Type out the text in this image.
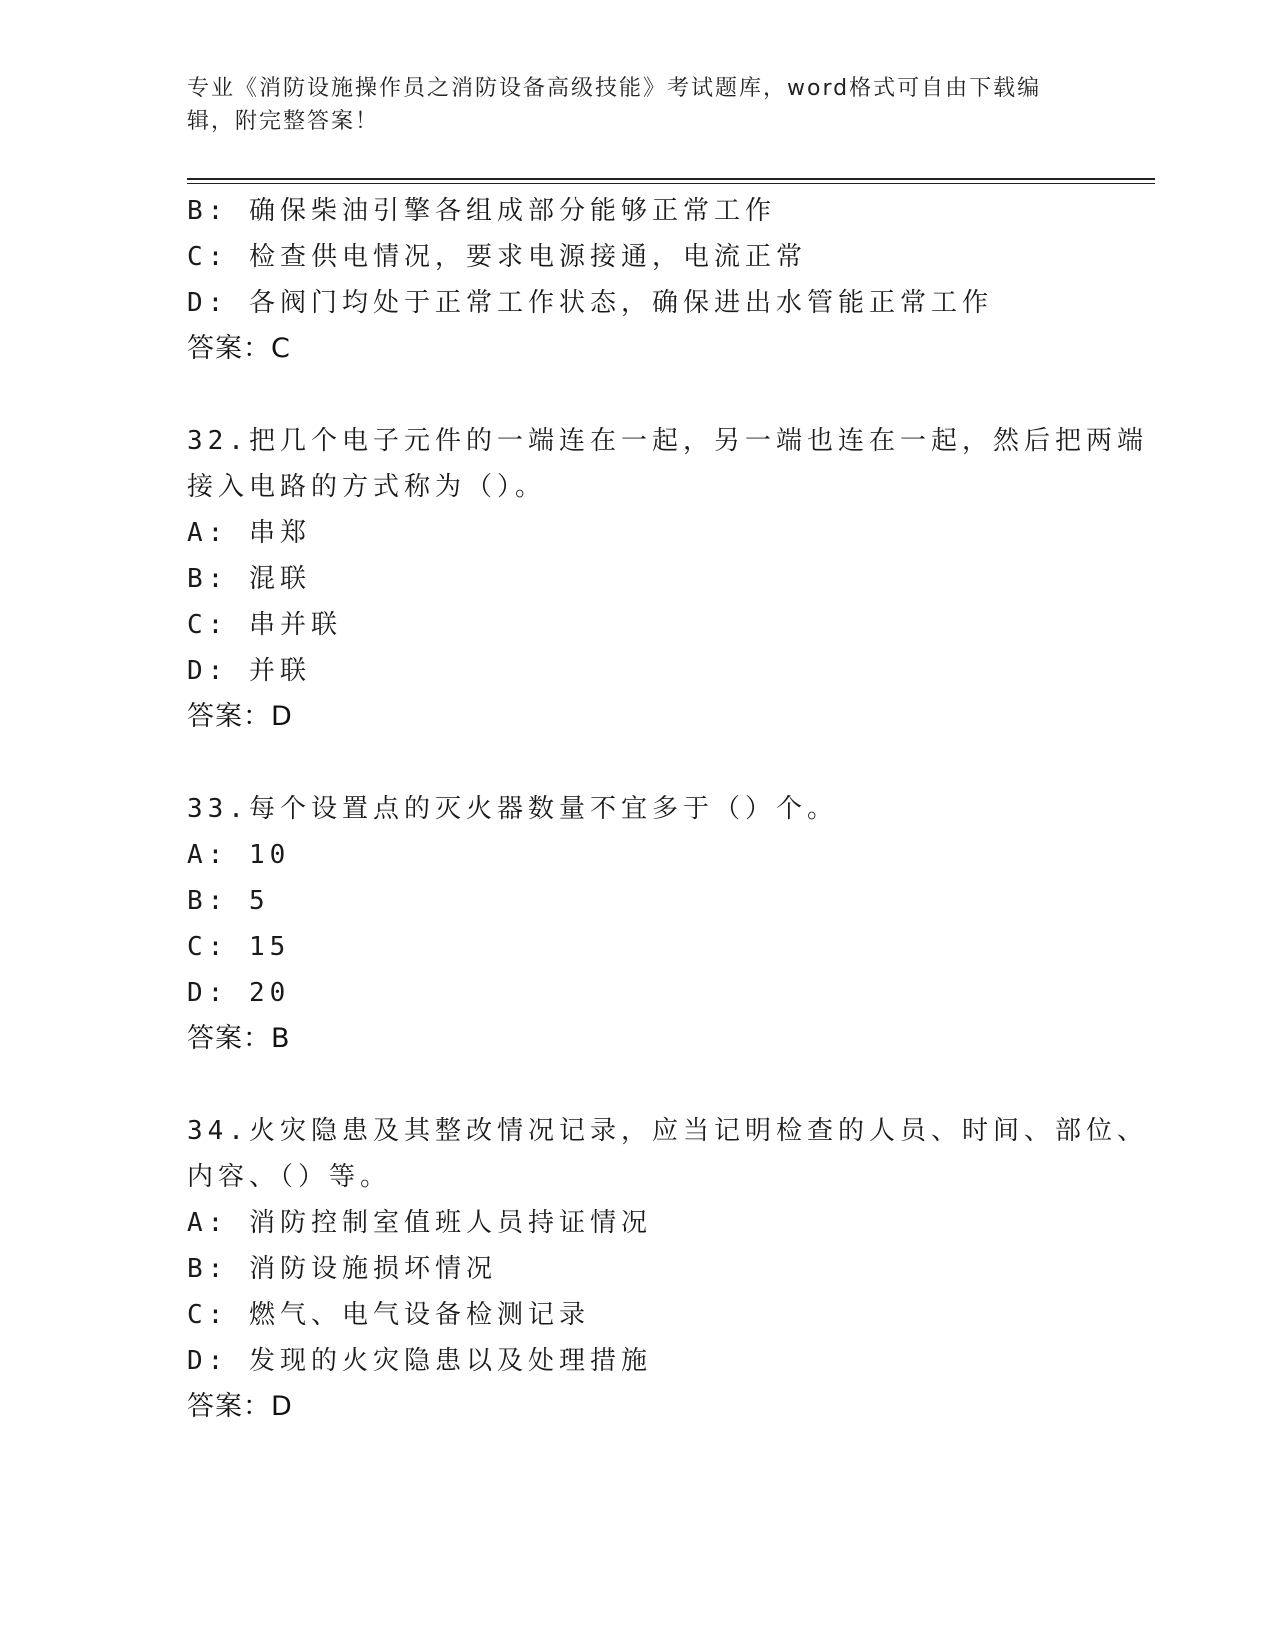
专业《消防设施操作员之消防设备高级技能》考试题库，word格式可自由下载编辑，附完整答案！
B: 确保柴油引擎各组成部分能够正常工作
C: 检查供电情况，要求电源接通，电流正常
D: 各阀门均处于正常工作状态，确保进出水管能正常工作
答案：C
32.把几个电子元件的一端连在一起，另一端也连在一起，然后把两端
接入电路的方式称为（）。
A: 串郑
B: 混联
C: 串并联
D: 并联
答案：D
33.每个设置点的灭火器数量不宜多于（）个。
A: 10
B: 5
C: 15
D: 20
答案：B
34.火灾隐患及其整改情况记录，应当记明检查的人员、时间、部位、
内容、（）等。
A: 消防控制室值班人员持证情况
B: 消防设施损坏情况
C: 燃气、电气设备检测记录
D: 发现的火灾隐患以及处理措施
答案：D
